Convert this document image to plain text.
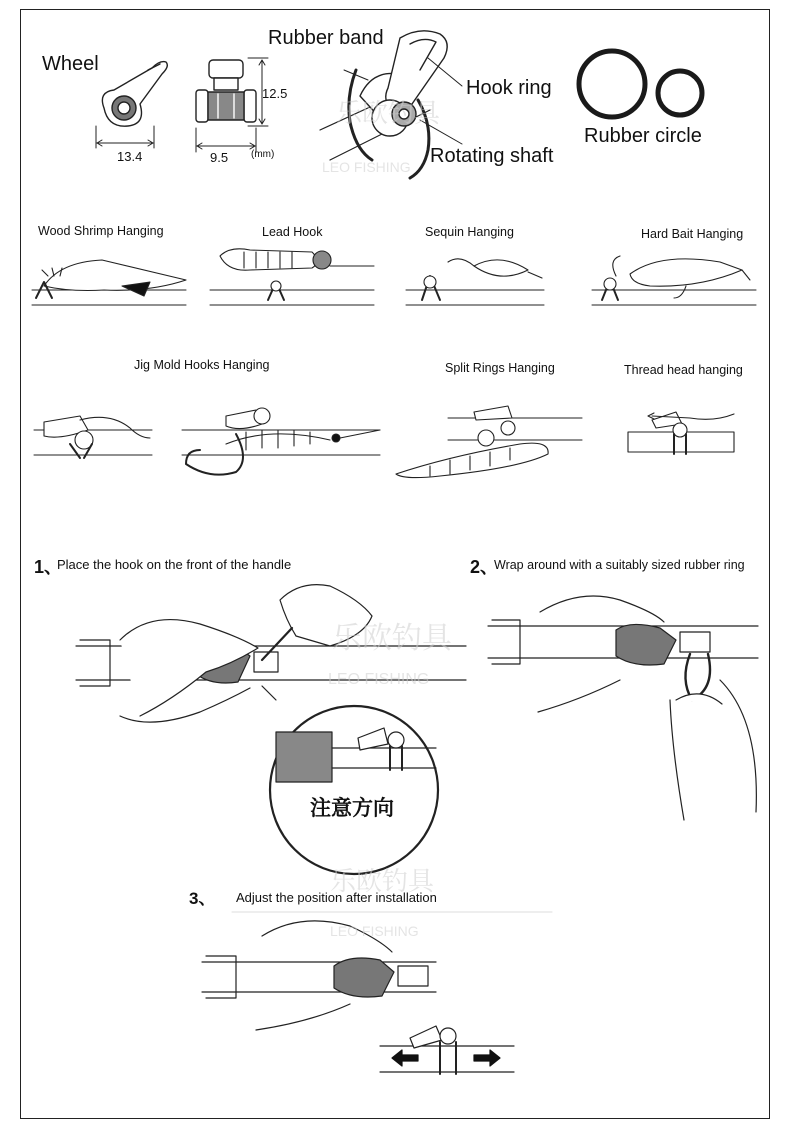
Wheel
Rubber band
Hook ring
Rotating shaft
Rubber circle
13.4	9.5
12.5
(mm)
Wood Shrimp Hanging	Lead Hook	Sequin Hanging	Hard Bait Hanging
Jig Mold Hooks Hanging	Split Rings Hanging	Thread head hanging
1、
Place the hook on the front of the handle	2、
Wrap around with a suitably sized rubber ring
3、 Adjust the position after installation
注意方向
乐欧钓具
LEO FISHING
乐欧钓具
LEO FISHING
乐欧钓具
LEO FISHING
